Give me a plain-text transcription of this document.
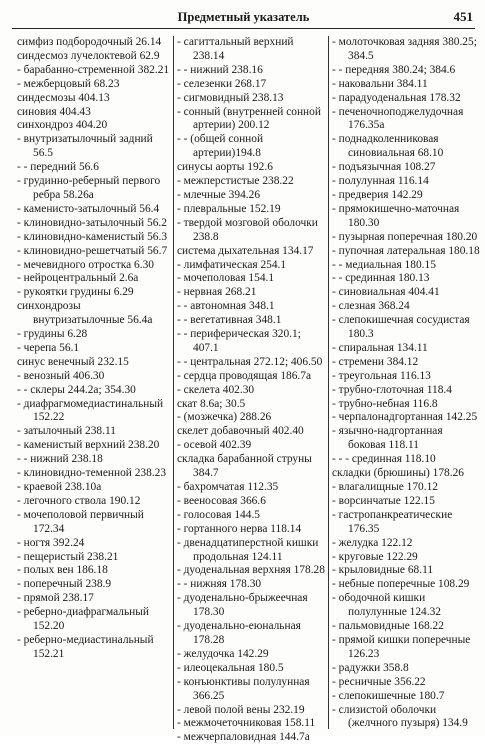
Предметный указатель	451

симфиз подбородочный 26.14

синдесмоз лучелоктевой 62.9

- барабанно-стременной 382.21

- межберцовый 68.23

синдесмозы 404.13

синовия 404.43

синхондроз 404.20

- внутризатылочный задний 56.5

- - передний 56.6

- грудинно-реберный первого ребра 58.26а

- каменисто-затылочный 56.4

- клиновидно-затылочный 56.2

- клиновидно-каменистый 56.3

- клиновидно-решетчатый 56.7

- мечевидного отростка 6.30

- нейроцентральный 2.6а

- рукоятки грудины 6.29

синхондрозы внутризатылочные 56.4а

- грудины 6.28

- черепа 56.1

синус венечный 232.15

- венозный 406.30

- - склеры 244.2а; 354.30

- диафрагмомедиастинальный 152.22

- затылочный 238.11

- каменистый верхний 238.20

- - нижний 238.18

- клиновидно-теменной 238.23

- краевой 238.10а

- легочного ствола 190.12

- мочеполовой первичный 172.34

- ногтя 392.24

- пещеристый 238.21

- полых вен 186.18

- поперечный 238.9

- прямой 238.17

- реберно-диафрагмальный 152.20

- реберно-медиастинальный 152.21

- сагиттальный верхний 238.14

- - нижний 238.16

- селезенки 268.17

- сигмовидный 238.13

- сонный (внутренней сонной артерии) 200.12

- - (общей сонной артерии)194.8

синусы аорты 192.6

- межперстистые 238.22

- млечные 394.26

- плевральные 152.19

- твердой мозговой оболочки 238.8

система дыхательная 134.17

- лимфатическая 254.1

- мочеполовая 154.1

- нервная 268.21

- - автономная 348.1

- - вегетативная 348.1

- - периферическая 320.1; 407.1

- - центральная 272.12; 406.50

- сердца проводящая 186.7а

- скелета 402.30

скат 8.6а; 30.5

- (мозжечка) 288.26

скелет добавочный 402.40

- осевой 402.39

складка барабанной струны 384.7

- бахромчатая 112.35

- вееносовая 366.6

- голосовая 144.5

- гортанного нерва 118.14

- двенадцатиперстной кишки продольная 124.11

- дуоденальная верхняя 178.28

- - нижняя 178.30

- дуоденально-брыжеечная 178.30

- дуоденально-еюнальная 178.28

- желудочка 142.29

- илеоцекальная 180.5

- конъюнктивы полулунная 366.25

- левой полой вены 232.19

- межмочеточниковая 158.11

- межчерпаловидная 144.7а

- молоточковая задняя 380.25; 384.5

- - передняя 380.24; 384.6

- наковальни 384.11

- парадуоденальная 178.32

- печеночноподжелудочная 176.35а

- поднадколенниковая синовиальная 68.10

- подъязычная 108.27

- полулунная 116.14

- предверия 142.29

- прямокишечно-маточная 180.30

- пузырная поперечная 180.20

- пупочная латеральная 180.18

- - медиальная 180.15

- - срединная 180.13

- синовиальная 404.41

- слезная 368.24

- слепокишечная сосудистая 180.3

- спиральная 134.11

- стремени 384.12

- треугольная 116.13

- трубно-глоточная 118.4

- трубно-небная 116.8

- черпалонадгортанная 142.25

- язычно-надгортанная боковая 118.11

- - - срединная 118.10

складки (брюшины) 178.26

- влагалищные 170.12

- ворсинчатые 122.15

- гастропанкреатические 176.35

- желудка 122.12

- круговые 122.29

- крыловидные 68.11

- небные поперечные 108.29

- ободочной кишки полулунные 124.32

- пальмовидные 168.22

- прямой кишки поперечные 126.23

- радужки 358.8

- ресничные 356.22

- слепокишечные 180.7

- слизистой оболочки (желчного пузыря) 134.9
